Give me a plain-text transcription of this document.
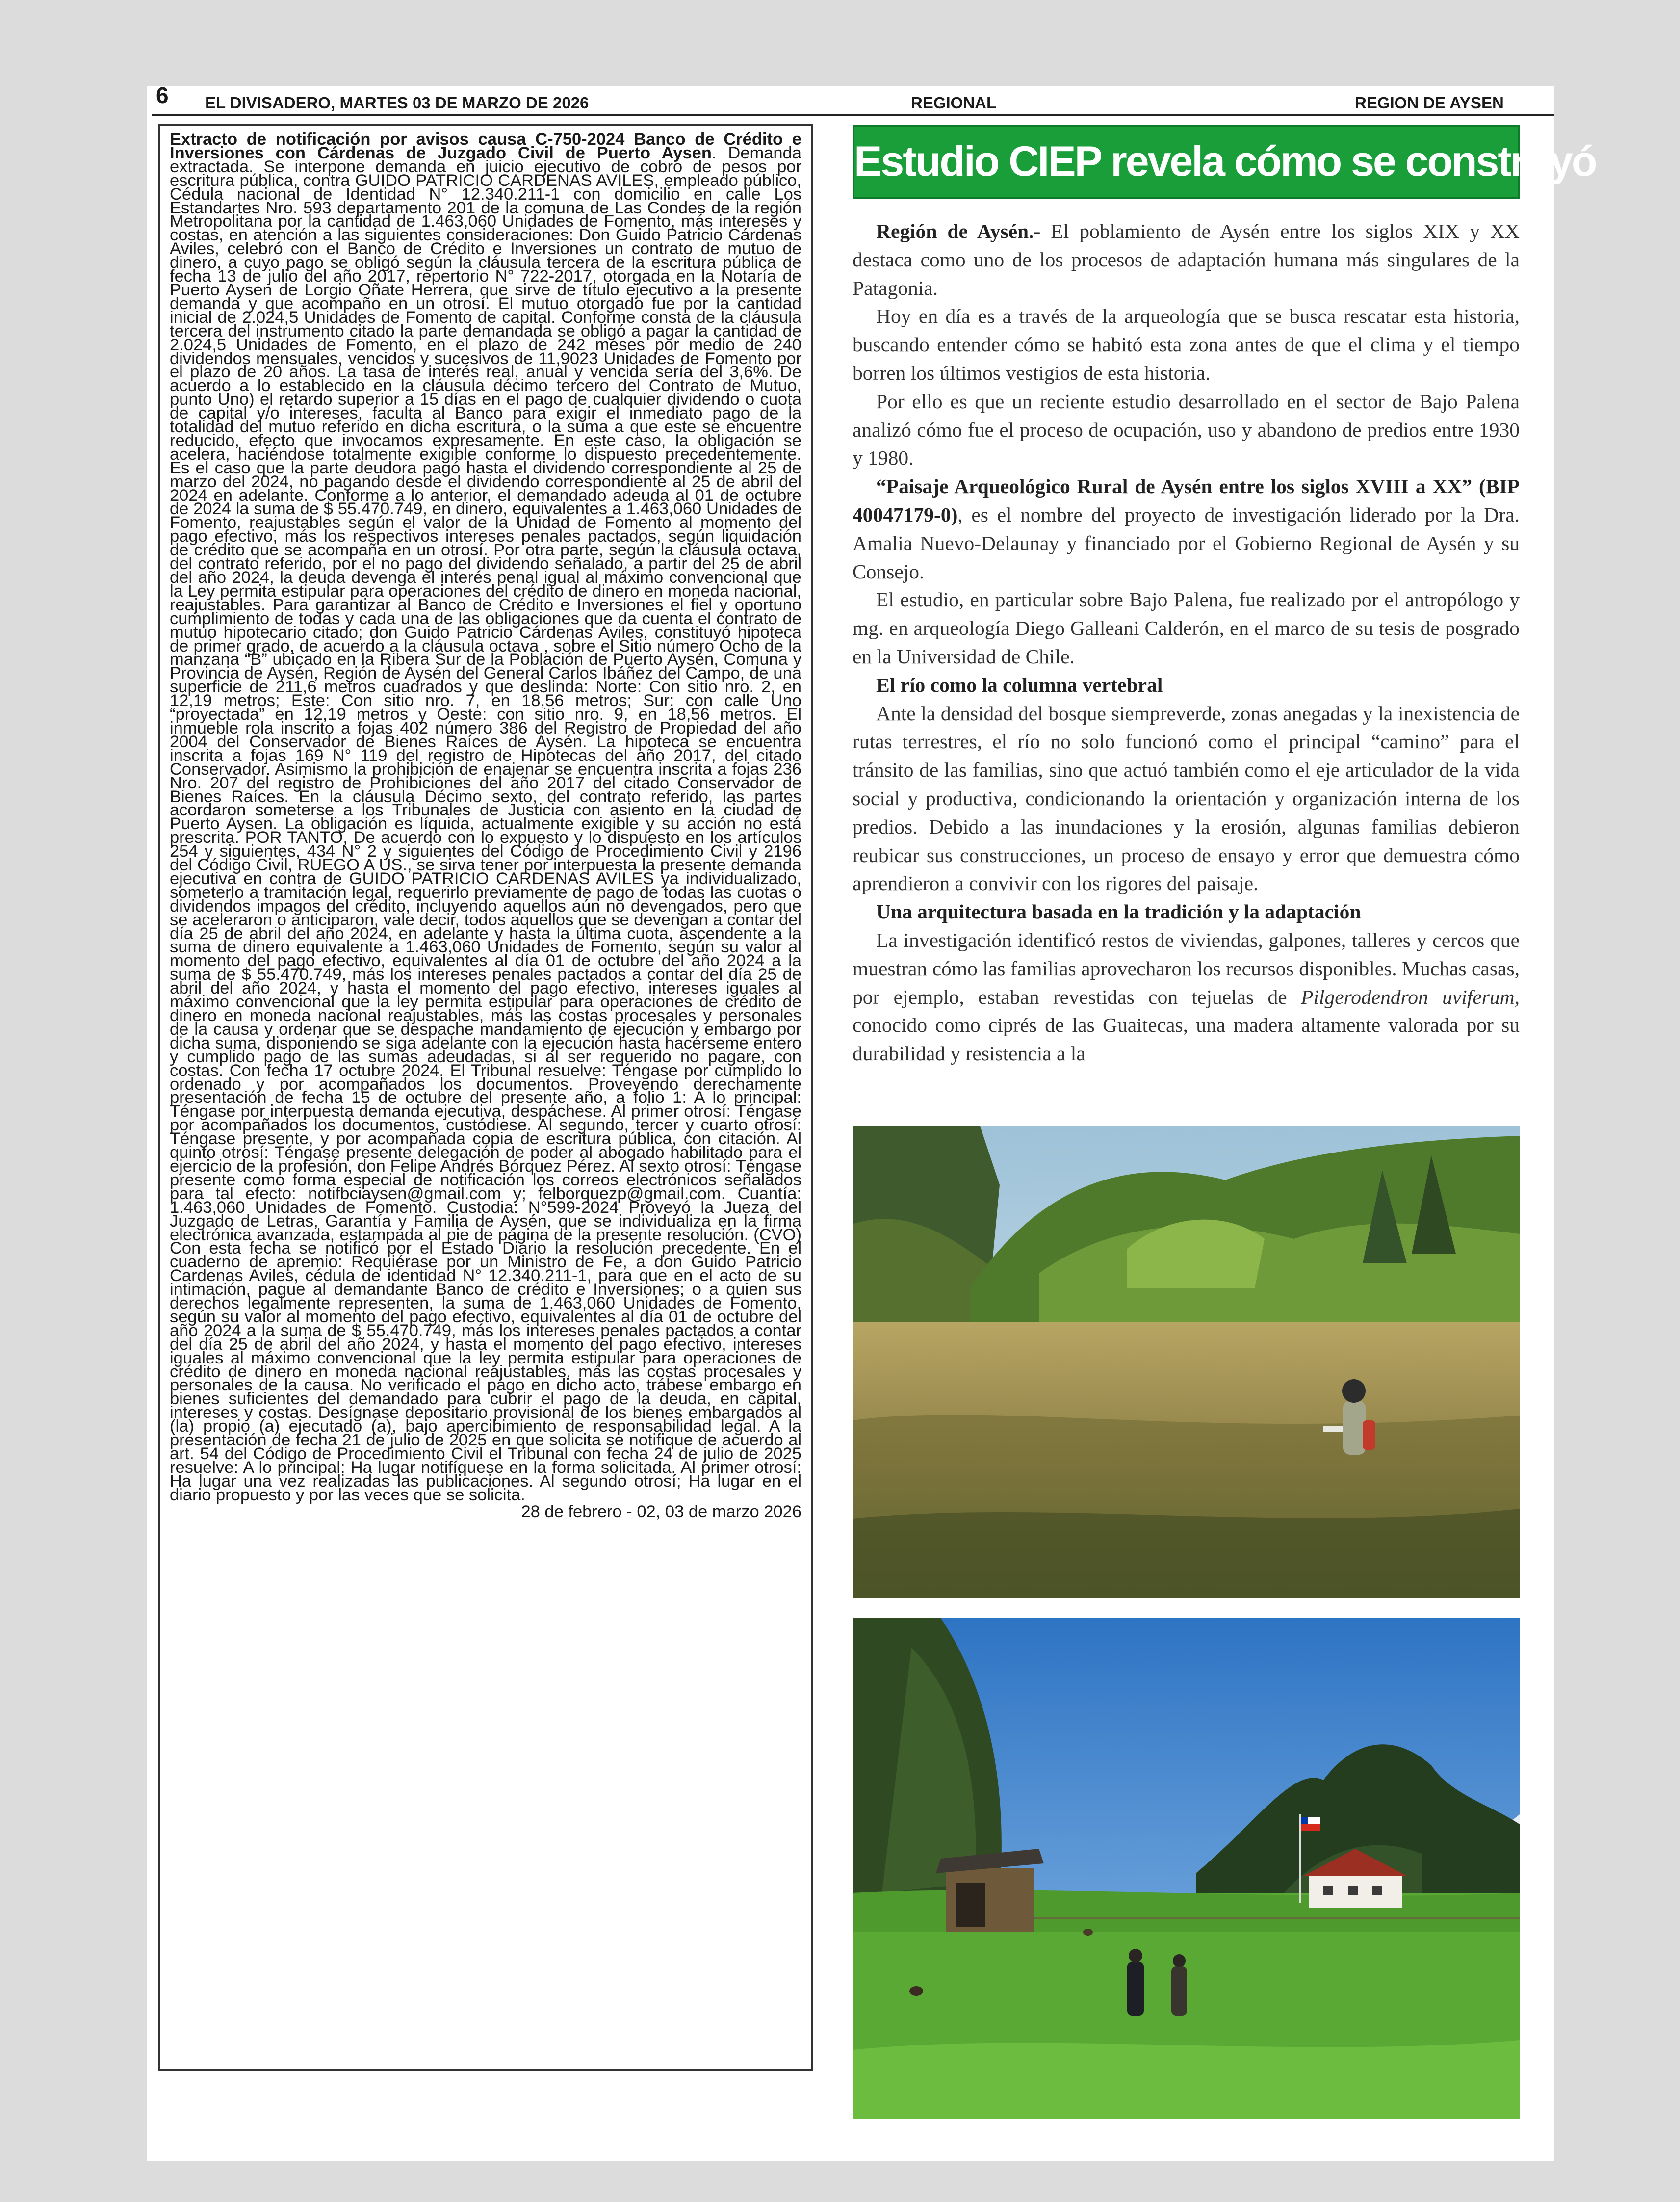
6 EL DIVISADERO, MARTES 03 DE MARZO DE 2026	REGIONAL	REGION DE AYSEN

Extracto de notificación por avisos causa C-750-2024 Banco de Crédito e Inversiones con Cárdenas de Juzgado Civil de Puerto Aysen. Demanda extractada. Se interpone demanda en juicio ejecutivo de cobro de pesos por escritura pública, contra GUIDO PATRICIO CARDENAS AVILES, empleado público, Cédula nacional de Identidad N° 12.340.211-1 con domicilio en calle Los Estandartes Nro. 593 departamento 201 de la comuna de Las Condes de la región Metropolitana por la cantidad de 1.463,060 Unidades de Fomento, más intereses y costas, en atención a las siguientes consideraciones: Don Guido Patricio Cárdenas Aviles, celebró con el Banco de Crédito e Inversiones un contrato de mutuo de dinero, a cuyo pago se obligó según la cláusula tercera de la escritura pública de fecha 13 de julio del año 2017, repertorio N° 722-2017, otorgada en la Notaría de Puerto Aysen de Lorgio Oñate Herrera, que sirve de título ejecutivo a la presente demanda y que acompaño en un otrosí. El mutuo otorgado fue por la cantidad inicial de 2.024,5 Unidades de Fomento de capital. Conforme consta de la cláusula tercera del instrumento citado la parte demandada se obligó a pagar la cantidad de 2.024,5 Unidades de Fomento, en el plazo de 242 meses por medio de 240 dividendos mensuales, vencidos y sucesivos de 11,9023 Unidades de Fomento por el plazo de 20 años. La tasa de interés real, anual y vencida sería del 3,6%. De acuerdo a lo establecido en la cláusula décimo tercero del Contrato de Mutuo, punto Uno) el retardo superior a 15 días en el pago de cualquier dividendo o cuota de capital y/o intereses, faculta al Banco para exigir el inmediato pago de la totalidad del mutuo referido en dicha escritura, o la suma a que este se encuentre reducido, efecto que invocamos expresamente. En este caso, la obligación se acelera, haciéndose totalmente exigible conforme lo dispuesto precedentemente. Es el caso que la parte deudora pagó hasta el dividendo correspondiente al 25 de marzo del 2024, no pagando desde el dividendo correspondiente al 25 de abril del 2024 en adelante. Conforme a lo anterior, el demandado adeuda al 01 de octubre de 2024 la suma de $ 55.470.749, en dinero, equivalentes a 1.463,060 Unidades de Fomento, reajustables según el valor de la Unidad de Fomento al momento del pago efectivo, más los respectivos intereses penales pactados, según liquidación de crédito que se acompaña en un otrosí. Por otra parte, según la cláusula octava, del contrato referido, por el no pago del dividendo señalado, a partir del 25 de abril del año 2024, la deuda devenga el interés penal igual al máximo convencional que la Ley permita estipular para operaciones del crédito de dinero en moneda nacional, reajustables. Para garantizar al Banco de Crédito e Inversiones el fiel y oportuno cumplimiento de todas y cada una de las obligaciones que da cuenta el contrato de mutuo hipotecario citado; don Guido Patricio Cárdenas Aviles, constituyó hipoteca de primer grado, de acuerdo a la cláusula octava , sobre el Sitio número Ocho de la manzana “B” ubicado en la Ribera Sur de la Población de Puerto Aysén, Comuna y Provincia de Aysén, Región de Aysén del General Carlos Ibáñez del Campo, de una superficie de 211,6 metros cuadrados y que deslinda: Norte: Con sitio nro. 2, en 12,19 metros; Este: Con sitio nro. 7, en 18,56 metros; Sur: con calle Uno “proyectada” en 12,19 metros y Oeste: con sitio nro. 9, en 18,56 metros. El inmueble rola inscrito a fojas 402 número 386 del Registro de Propiedad del año 2004 del Conservador de Bienes Raíces de Aysén. La hipoteca se encuentra inscrita a fojas 169 N° 119 del registro de Hipotecas del año 2017, del citado Conservador. Asimismo la prohibición de enajenar se encuentra inscrita a fojas 236 Nro. 207 del registro de Prohibiciones del año 2017 del citado Conservador de Bienes Raíces. En la cláusula Décimo sexto, del contrato referido, las partes acordaron someterse a los Tribunales de Justicia con asiento en la ciudad de Puerto Aysen. La obligación es líquida, actualmente exigible y su acción no está prescrita. POR TANTO, De acuerdo con lo expuesto y lo dispuesto en los artículos 254 y siguientes, 434 N° 2 y siguientes del Código de Procedimiento Civil y 2196 del Código Civil, RUEGO A US., se sirva tener por interpuesta la presente demanda ejecutiva en contra de GUIDO PATRICIO CARDENAS AVILES ya individualizado, someterlo a tramitación legal, requerirlo previamente de pago de todas las cuotas o dividendos impagos del crédito, incluyendo aquellos aún no devengados, pero que se aceleraron o anticiparon, vale decir, todos aquellos que se devengan a contar del día 25 de abril del año 2024, en adelante y hasta la última cuota, ascendente a la suma de dinero equivalente a 1.463,060 Unidades de Fomento, según su valor al momento del pago efectivo, equivalentes al día 01 de octubre del año 2024 a la suma de $ 55.470.749, más los intereses penales pactados a contar del día 25 de abril del año 2024, y hasta el momento del pago efectivo, intereses iguales al máximo convencional que la ley permita estipular para operaciones de crédito de dinero en moneda nacional reajustables, más las costas procesales y personales de la causa y ordenar que se despache mandamiento de ejecución y embargo por dicha suma, disponiendo se siga adelante con la ejecución hasta hacérseme entero y cumplido pago de las sumas adeudadas, si al ser requerido no pagare, con costas. Con fecha 17 octubre 2024. El Tribunal resuelve: Téngase por cumplido lo ordenado y por acompañados los documentos. Proveyendo derechamente presentación de fecha 15 de octubre del presente año, a folio 1: A lo principal: Téngase por interpuesta demanda ejecutiva, despáchese. Al primer otrosí: Téngase por acompañados los documentos, custódiese. Al segundo, tercer y cuarto otrosí: Téngase presente, y por acompañada copia de escritura pública, con citación. Al quinto otrosí: Téngase presente delegación de poder al abogado habilitado para el ejercicio de la profesión, don Felipe Andrés Bórquez Pérez. Al sexto otrosí: Téngase presente como forma especial de notificación los correos electrónicos señalados para tal efecto: notifbciaysen@gmail.com y; felborquezp@gmail.com. Cuantía: 1.463,060 Unidades de Fomento. Custodia: N°599-2024 Proveyó la Jueza del Juzgado de Letras, Garantía y Familia de Aysén, que se individualiza en la firma electrónica avanzada, estampada al pie de página de la presente resolución. (CVO) Con esta fecha se notificó por el Estado Diario la resolución precedente. En el cuaderno de apremio: Requiérase por un Ministro de Fe, a don Guido Patricio Cardenas Aviles, cédula de identidad N° 12.340.211-1, para que en el acto de su intimación, pague al demandante Banco de crédito e Inversiones; o a quien sus derechos legalmente representen, la suma de 1.463,060 Unidades de Fomento, según su valor al momento del pago efectivo, equivalentes al día 01 de octubre del año 2024 a la suma de $ 55.470.749, más los intereses penales pactados a contar del día 25 de abril del año 2024, y hasta el momento del pago efectivo, intereses iguales al máximo convencional que la ley permita estipular para operaciones de crédito de dinero en moneda nacional reajustables, más las costas procesales y personales de la causa. No verificado el pago en dicho acto, trábese embargo en bienes suficientes del demandado para cubrir el pago de la deuda, en capital, intereses y costas. Desígnase depositario provisional de los bienes embargados al (la) propio (a) ejecutado (a), bajo apercibimiento de responsabilidad legal. A la presentación de fecha 21 de julio de 2025 en que solicita se notifique de acuerdo al art. 54 del Código de Procedimiento Civil el Tribunal con fecha 24 de julio de 2025 resuelve: A lo principal: Ha lugar notifíquese en la forma solicitada. Al primer otrosí: Ha lugar una vez realizadas las publicaciones. Al segundo otrosí; Ha lugar en el diario propuesto y por las veces que se solicita.

28 de febrero - 02, 03 de marzo 2026

Estudio CIEP revela cómo se construyó

Región de Aysén.- El poblamiento de Aysén entre los siglos XIX y XX destaca como uno de los procesos de adaptación humana más singulares de la Patagonia.

Hoy en día es a través de la arqueología que se busca rescatar esta historia, buscando entender cómo se habitó esta zona antes de que el clima y el tiempo borren los últimos vestigios de esta historia.

Por ello es que un reciente estudio desarrollado en el sector de Bajo Palena analizó cómo fue el proceso de ocupación, uso y abandono de predios entre 1930 y 1980.

“Paisaje Arqueológico Rural de Aysén entre los siglos XVIII a XX” (BIP 40047179-0), es el nombre del proyecto de investigación liderado por la Dra. Amalia Nuevo-Delaunay y financiado por el Gobierno Regional de Aysén y su Consejo.

El estudio, en particular sobre Bajo Palena, fue realizado por el antropólogo y mg. en arqueología Diego Galleani Calderón, en el marco de su tesis de posgrado en la Universidad de Chile.

El río como la columna vertebral

Ante la densidad del bosque siempreverde, zonas anegadas y la inexistencia de rutas terrestres, el río no solo funcionó como el principal “camino” para el tránsito de las familias, sino que actuó también como el eje articulador de la vida social y productiva, condicionando la orientación y organización interna de los predios. Debido a las inundaciones y la erosión, algunas familias debieron reubicar sus construcciones, un proceso de ensayo y error que demuestra cómo aprendieron a convivir con los rigores del paisaje.

Una arquitectura basada en la tradición y la adaptación

La investigación identificó restos de viviendas, galpones, talleres y cercos que muestran cómo las familias aprovecharon los recursos disponibles. Muchas casas, por ejemplo, estaban revestidas con tejuelas de Pilgerodendron uviferum, conocido como ciprés de las Guaitecas, una madera altamente valorada por su durabilidad y resistencia a la
